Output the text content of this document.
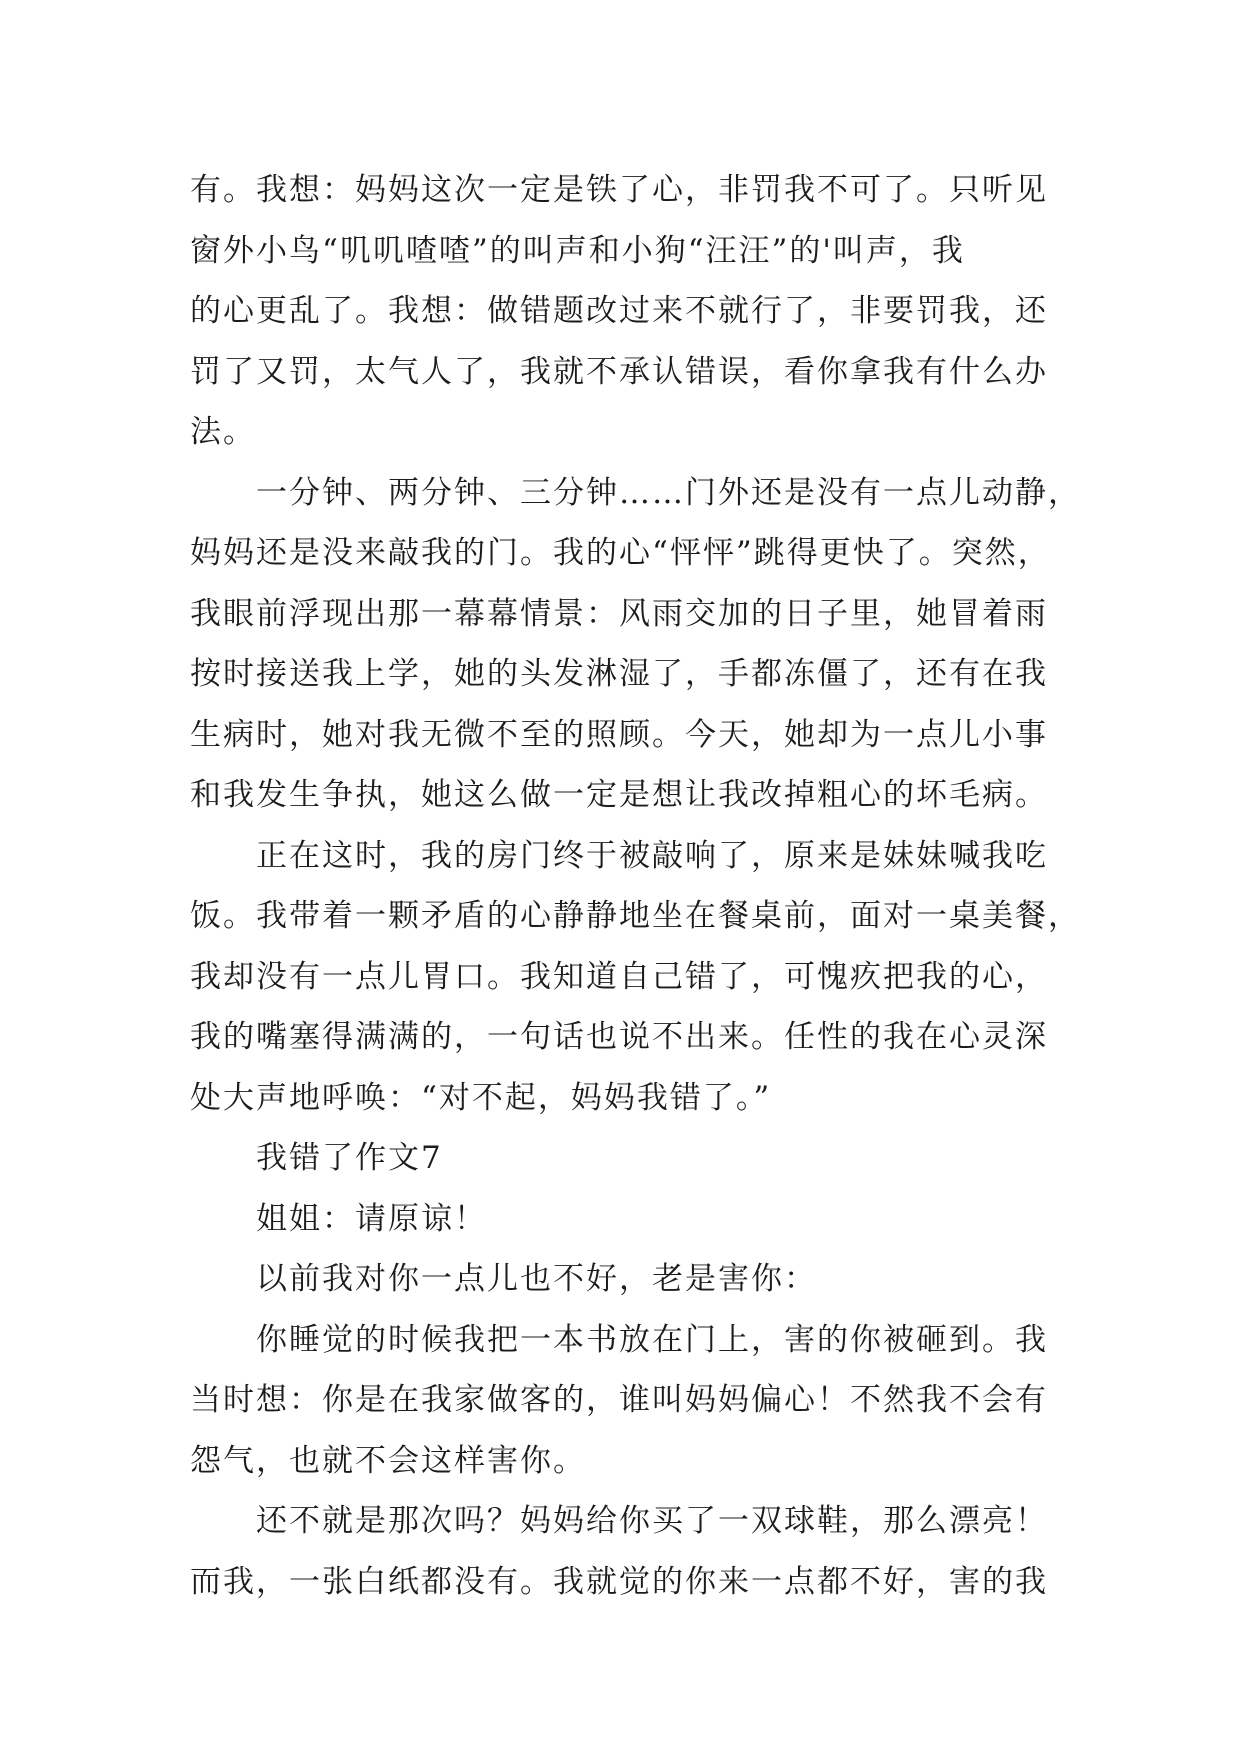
有。我想：妈妈这次一定是铁了心，非罚我不可了。只听见
窗外小鸟“叽叽喳喳”的叫声和小狗“汪汪”的'叫声，我
的心更乱了。我想：做错题改过来不就行了，非要罚我，还
罚了又罚，太气人了，我就不承认错误，看你拿我有什么办
法。
一分钟、两分钟、三分钟……门外还是没有一点儿动静，
妈妈还是没来敲我的门。我的心“怦怦”跳得更快了。突然，
我眼前浮现出那一幕幕情景：风雨交加的日子里，她冒着雨
按时接送我上学，她的头发淋湿了，手都冻僵了，还有在我
生病时，她对我无微不至的照顾。今天，她却为一点儿小事
和我发生争执，她这么做一定是想让我改掉粗心的坏毛病。
正在这时，我的房门终于被敲响了，原来是妹妹喊我吃
饭。我带着一颗矛盾的心静静地坐在餐桌前，面对一桌美餐，
我却没有一点儿胃口。我知道自己错了，可愧疚把我的心，
我的嘴塞得满满的，一句话也说不出来。任性的我在心灵深
处大声地呼唤：“对不起，妈妈我错了。”
我错了作文7
姐姐：请原谅！
以前我对你一点儿也不好，老是害你：
你睡觉的时候我把一本书放在门上，害的你被砸到。我
当时想：你是在我家做客的，谁叫妈妈偏心！不然我不会有
怨气，也就不会这样害你。
还不就是那次吗？妈妈给你买了一双球鞋，那么漂亮！
而我，一张白纸都没有。我就觉的你来一点都不好，害的我
